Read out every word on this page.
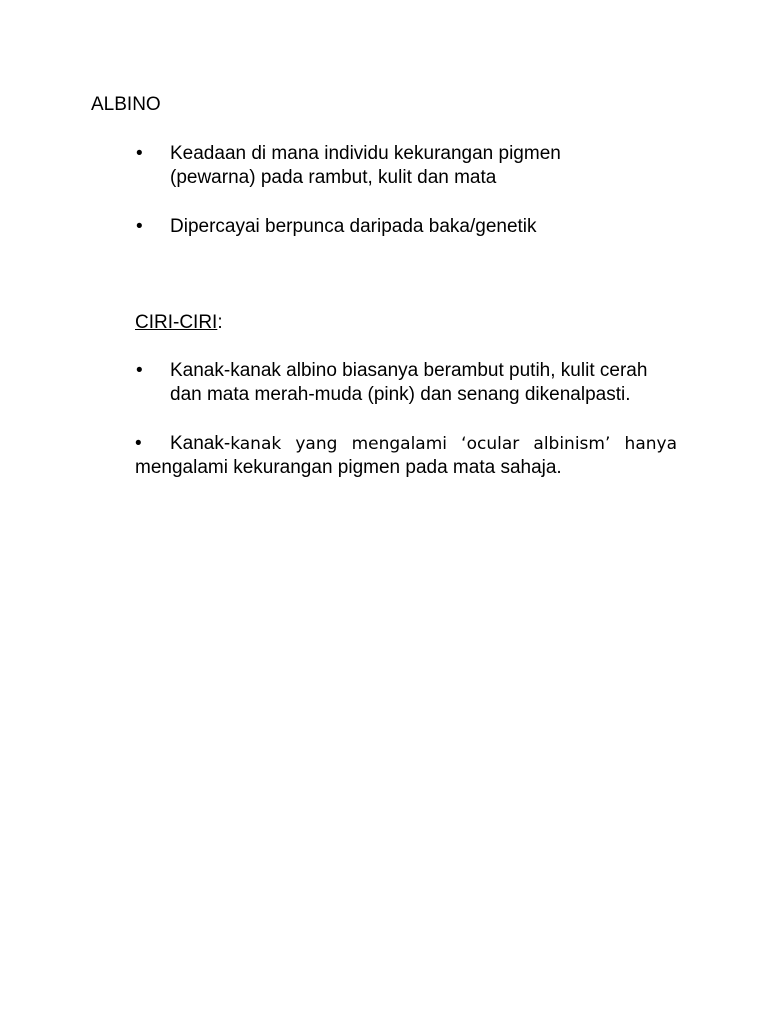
ALBINO
• Keadaan di mana individu kekurangan pigmen
(pewarna) pada rambut, kulit dan mata
• Dipercayai berpunca daripada baka/genetik
CIRI-CIRI:
• Kanak-kanak albino biasanya berambut putih, kulit cerah
dan mata merah-muda (pink) dan senang dikenalpasti.

• Kanak-kanak yang mengalami ‘ocular albinism’ hanya mengalami kekurangan pigmen pada mata sahaja.
